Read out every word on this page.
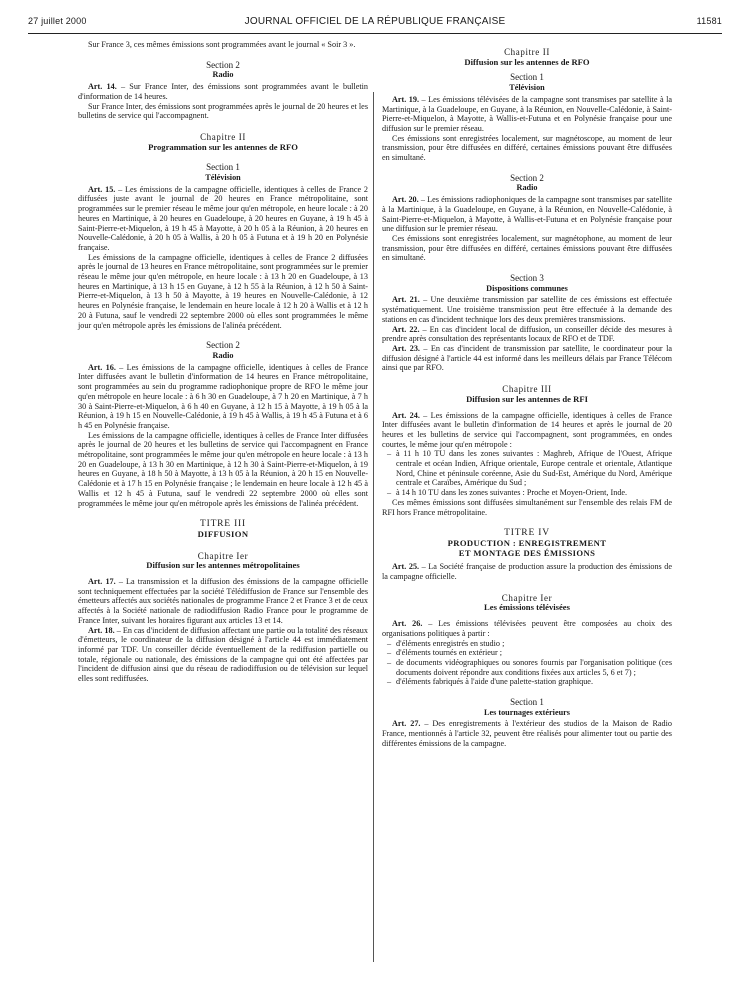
27 juillet 2000	JOURNAL OFFICIEL DE LA RÉPUBLIQUE FRANÇAISE	11581

Sur France 3, ces mêmes émissions sont programmées avant le journal « Soir 3 ».

Section 2
Radio

Art. 14. – Sur France Inter, des émissions sont programmées avant le bulletin d'information de 14 heures.

Sur France Inter, des émissions sont programmées après le journal de 20 heures et les bulletins de service qui l'accompagnent.

Chapitre II
Programmation sur les antennes de RFO
Section 1
Télévision

Art. 15. – Les émissions de la campagne officielle, identiques à celles de France 2 diffusées juste avant le journal de 20 heures en France métropolitaine, sont programmées sur le premier réseau le même jour qu'en métropole, en heure locale : à 20 heures en Martinique, à 20 heures en Guadeloupe, à 20 heures en Guyane, à 19 h 45 à Saint-Pierre-et-Miquelon, à 19 h 45 à Mayotte, à 20 h 05 à la Réunion, à 20 heures en Nouvelle-Calédonie, à 20 h 05 à Wallis, à 20 h 05 à Futuna et à 19 h 20 en Polynésie française.

Les émissions de la campagne officielle, identiques à celles de France 2 diffusées après le journal de 13 heures en France métropolitaine, sont programmées sur le premier réseau le même jour qu'en métropole, en heure locale : à 13 h 20 en Guadeloupe, à 13 heures en Martinique, à 13 h 15 en Guyane, à 12 h 55 à la Réunion, à 12 h 50 à Saint-Pierre-et-Miquelon, à 13 h 50 à Mayotte, à 19 heures en Nouvelle-Calédonie, à 12 heures en Polynésie française, le lendemain en heure locale à 12 h 20 à Wallis et à 12 h 20 à Futuna, sauf le vendredi 22 septembre 2000 où elles sont programmées le même jour qu'en métropole après les émissions de l'alinéa précédent.

Section 2
Radio

Art. 16. – Les émissions de la campagne officielle, identiques à celles de France Inter diffusées avant le bulletin d'information de 14 heures en France métropolitaine, sont programmées au sein du programme radiophonique propre de RFO le même jour qu'en métropole en heure locale : à 6 h 30 en Guadeloupe, à 7 h 20 en Martinique, à 7 h 30 à Saint-Pierre-et-Miquelon, à 6 h 40 en Guyane, à 12 h 15 à Mayotte, à 19 h 05 à la Réunion, à 19 h 15 en Nouvelle-Calédonie, à 19 h 45 à Wallis, à 19 h 45 à Futuna et à 6 h 45 en Polynésie française.

Les émissions de la campagne officielle, identiques à celles de France Inter diffusées après le journal de 20 heures et les bulletins de service qui l'accompagnent en France métropolitaine, sont programmées le même jour qu'en métropole en heure locale : à 13 h 20 en Guadeloupe, à 13 h 30 en Martinique, à 12 h 30 à Saint-Pierre-et-Miquelon, à 19 heures en Guyane, à 18 h 50 à Mayotte, à 13 h 05 à la Réunion, à 20 h 15 en Nouvelle-Calédonie et à 17 h 15 en Polynésie française ; le lendemain en heure locale à 12 h 45 à Wallis et 12 h 45 à Futuna, sauf le vendredi 22 septembre 2000 où elles sont programmées le même jour qu'en métropole après les émissions de l'alinéa précédent.

TITRE III
DIFFUSION
Chapitre Ier
Diffusion sur les antennes métropolitaines

Art. 17. – La transmission et la diffusion des émissions de la campagne officielle sont techniquement effectuées par la société Télédiffusion de France sur l'ensemble des émetteurs affectés aux sociétés nationales de programme France 2 et France 3 et de ceux affectés à la Société nationale de radiodiffusion Radio France pour le programme de France Inter, suivant les horaires figurant aux articles 13 et 14.

Art. 18. – En cas d'incident de diffusion affectant une partie ou la totalité des réseaux d'émetteurs, le coordinateur de la diffusion désigné à l'article 44 est immédiatement informé par TDF. Un conseiller décide éventuellement de la rediffusion partielle ou totale, régionale ou nationale, des émissions de la campagne qui ont été affectées par l'incident de diffusion ainsi que du réseau de radiodiffusion ou de télévision sur lequel elles sont rediffusées.

Chapitre II
Diffusion sur les antennes de RFO
Section 1
Télévision

Art. 19. – Les émissions télévisées de la campagne sont transmises par satellite à la Martinique, à la Guadeloupe, en Guyane, à la Réunion, en Nouvelle-Calédonie, à Saint-Pierre-et-Miquelon, à Mayotte, à Wallis-et-Futuna et en Polynésie française pour une diffusion sur le premier réseau.

Ces émissions sont enregistrées localement, sur magnétoscope, au moment de leur transmission, pour être diffusées en différé, certaines émissions pouvant être diffusées en simultané.

Section 2
Radio

Art. 20. – Les émissions radiophoniques de la campagne sont transmises par satellite à la Martinique, à la Guadeloupe, en Guyane, à la Réunion, en Nouvelle-Calédonie, à Saint-Pierre-et-Miquelon, à Mayotte, à Wallis-et-Futuna et en Polynésie française pour une diffusion sur le premier réseau.

Ces émissions sont enregistrées localement, sur magnétophone, au moment de leur transmission, pour être diffusées en différé, certaines émissions pouvant être diffusées en simultané.

Section 3
Dispositions communes

Art. 21. – Une deuxième transmission par satellite de ces émissions est effectuée systématiquement. Une troisième transmission peut être effectuée à la demande des stations en cas d'incident technique lors des deux premières transmissions.

Art. 22. – En cas d'incident local de diffusion, un conseiller décide des mesures à prendre après consultation des représentants locaux de RFO et de TDF.

Art. 23. – En cas d'incident de transmission par satellite, le coordinateur pour la diffusion désigné à l'article 44 est informé dans les meilleurs délais par France Télécom ainsi que par RFO.

Chapitre III
Diffusion sur les antennes de RFI

Art. 24. – Les émissions de la campagne officielle, identiques à celles de France Inter diffusées avant le bulletin d'information de 14 heures et après le journal de 20 heures et les bulletins de service qui l'accompagnent, sont programmées, en ondes courtes, le même jour qu'en métropole :

– à 11 h 10 TU dans les zones suivantes : Maghreb, Afrique de l'Ouest, Afrique centrale et océan Indien, Afrique orientale, Europe centrale et orientale, Atlantique Nord, Chine et péninsule coréenne, Asie du Sud-Est, Amérique du Nord, Amérique centrale et Caraïbes, Amérique du Sud ;
– à 14 h 10 TU dans les zones suivantes : Proche et Moyen-Orient, Inde.

Ces mêmes émissions sont diffusées simultanément sur l'ensemble des relais FM de RFI hors France métropolitaine.

TITRE IV
PRODUCTION : ENREGISTREMENT
ET MONTAGE DES ÉMISSIONS

Art. 25. – La Société française de production assure la production des émissions de la campagne officielle.

Chapitre Ier
Les émissions télévisées

Art. 26. – Les émissions télévisées peuvent être composées au choix des organisations politiques à partir :

– d'éléments enregistrés en studio ;
– d'éléments tournés en extérieur ;
– de documents vidéographiques ou sonores fournis par l'organisation politique (ces documents doivent répondre aux conditions fixées aux articles 5, 6 et 7) ;
– d'éléments fabriqués à l'aide d'une palette-station graphique.
Section 1
Les tournages extérieurs

Art. 27. – Des enregistrements à l'extérieur des studios de la Maison de Radio France, mentionnés à l'article 32, peuvent être réalisés pour alimenter tout ou partie des différentes émissions de la campagne.
